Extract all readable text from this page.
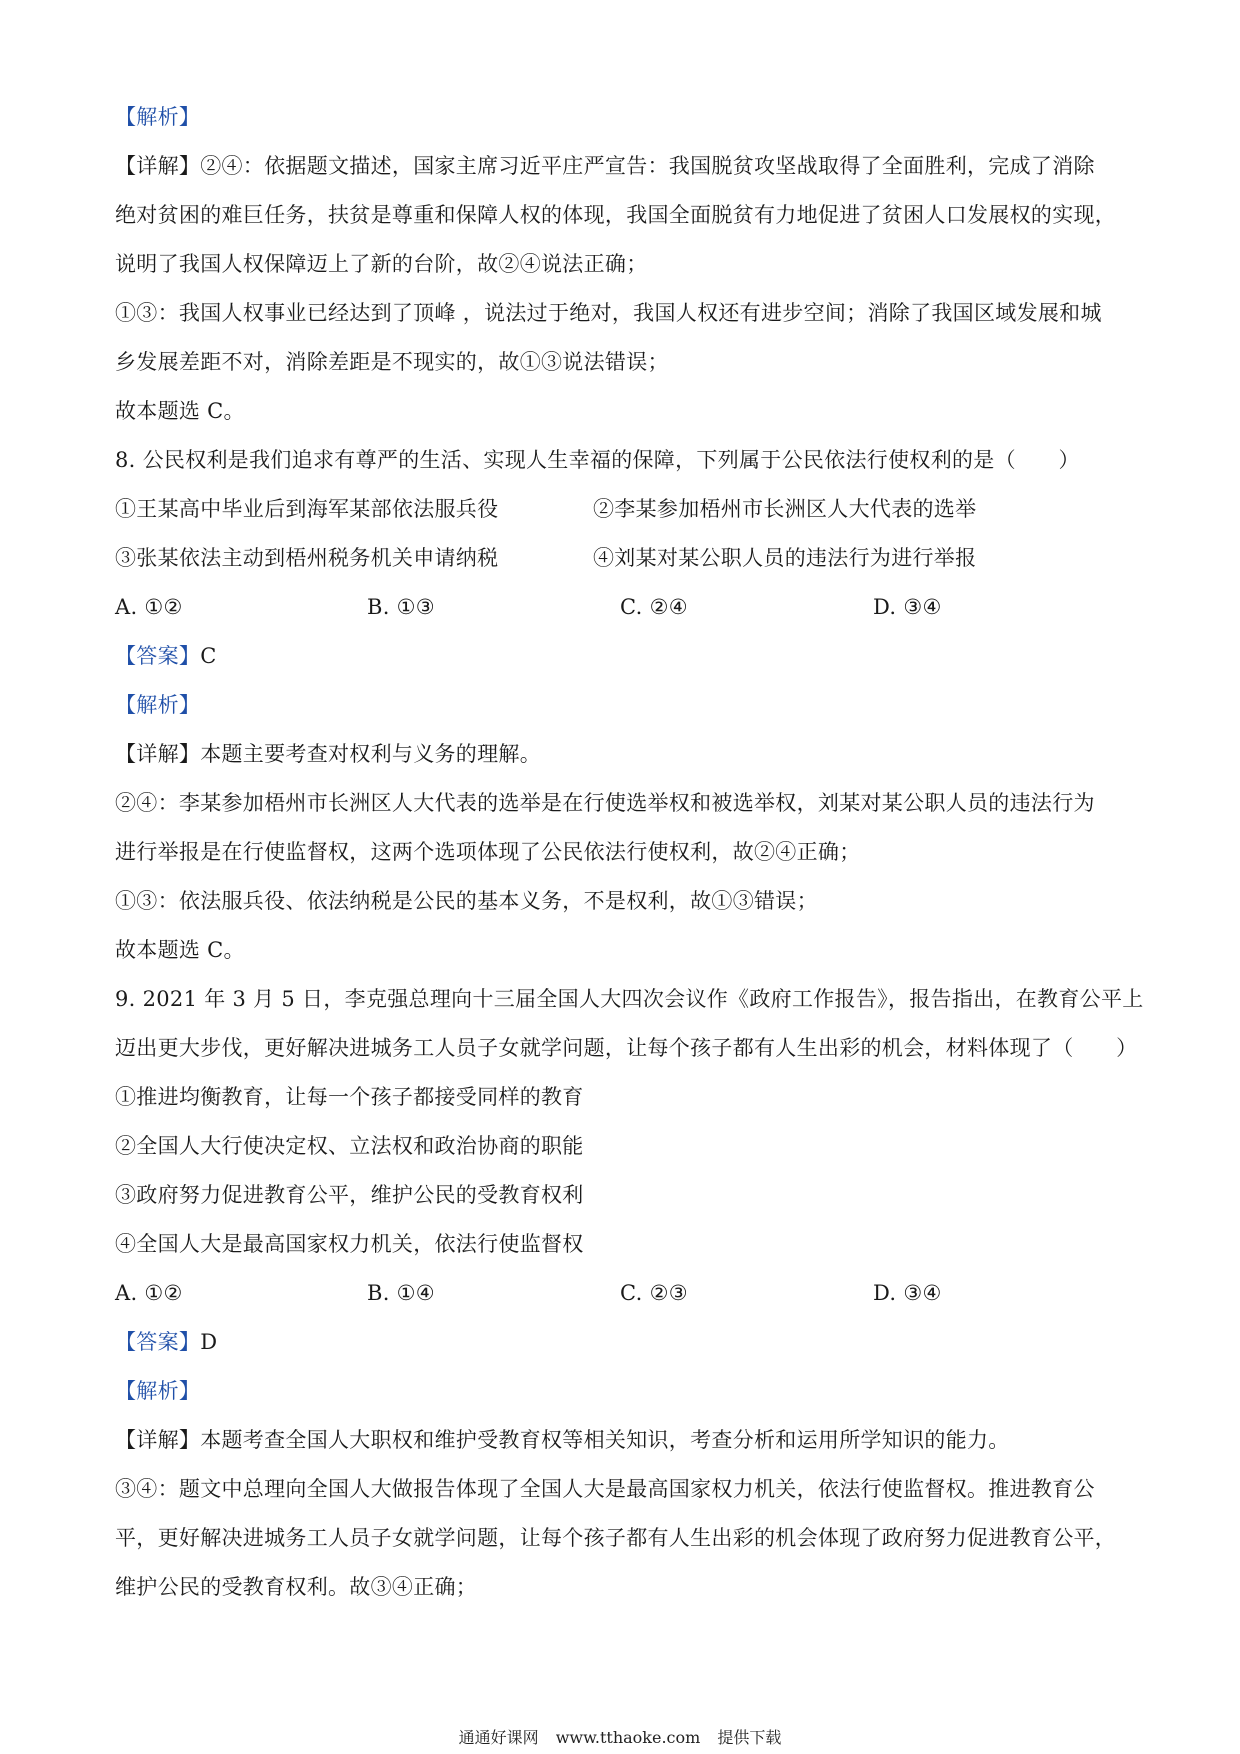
【解析】
【详解】②④：依据题文描述，国家主席习近平庄严宣告：我国脱贫攻坚战取得了全面胜利，完成了消除
绝对贫困的难巨任务，扶贫是尊重和保障人权的体现，我国全面脱贫有力地促进了贫困人口发展权的实现，
说明了我国人权保障迈上了新的台阶，故②④说法正确；
①③：我国人权事业已经达到了顶峰 ，说法过于绝对，我国人权还有进步空间；消除了我国区域发展和城
乡发展差距不对，消除差距是不现实的，故①③说法错误；
故本题选 C。
8. 公民权利是我们追求有尊严的生活、实现人生幸福的保障，下列属于公民依法行使权利的是（　　）
①王某高中毕业后到海军某部依法服兵役	②李某参加梧州市长洲区人大代表的选举
③张某依法主动到梧州税务机关申请纳税	④刘某对某公职人员的违法行为进行举报
A. ①②	B. ①③	C. ②④	D. ③④
【答案】C
【解析】
【详解】本题主要考查对权利与义务的理解。
②④：李某参加梧州市长洲区人大代表的选举是在行使选举权和被选举权，刘某对某公职人员的违法行为
进行举报是在行使监督权，这两个选项体现了公民依法行使权利，故②④正确；
①③：依法服兵役、依法纳税是公民的基本义务，不是权利，故①③错误；
故本题选 C。
9. 2021 年 3 月 5 日，李克强总理向十三届全国人大四次会议作《政府工作报告》，报告指出，在教育公平上
迈出更大步伐，更好解决进城务工人员子女就学问题，让每个孩子都有人生出彩的机会，材料体现了（　　）
①推进均衡教育，让每一个孩子都接受同样的教育
②全国人大行使决定权、立法权和政治协商的职能
③政府努力促进教育公平，维护公民的受教育权利
④全国人大是最高国家权力机关，依法行使监督权
A. ①②	B. ①④	C. ②③	D. ③④
【答案】D
【解析】
【详解】本题考查全国人大职权和维护受教育权等相关知识，考查分析和运用所学知识的能力。
③④：题文中总理向全国人大做报告体现了全国人大是最高国家权力机关，依法行使监督权。推进教育公
平，更好解决进城务工人员子女就学问题，让每个孩子都有人生出彩的机会体现了政府努力促进教育公平，
维护公民的受教育权利。故③④正确；
通通好课网 www.tthaoke.com 提供下载
